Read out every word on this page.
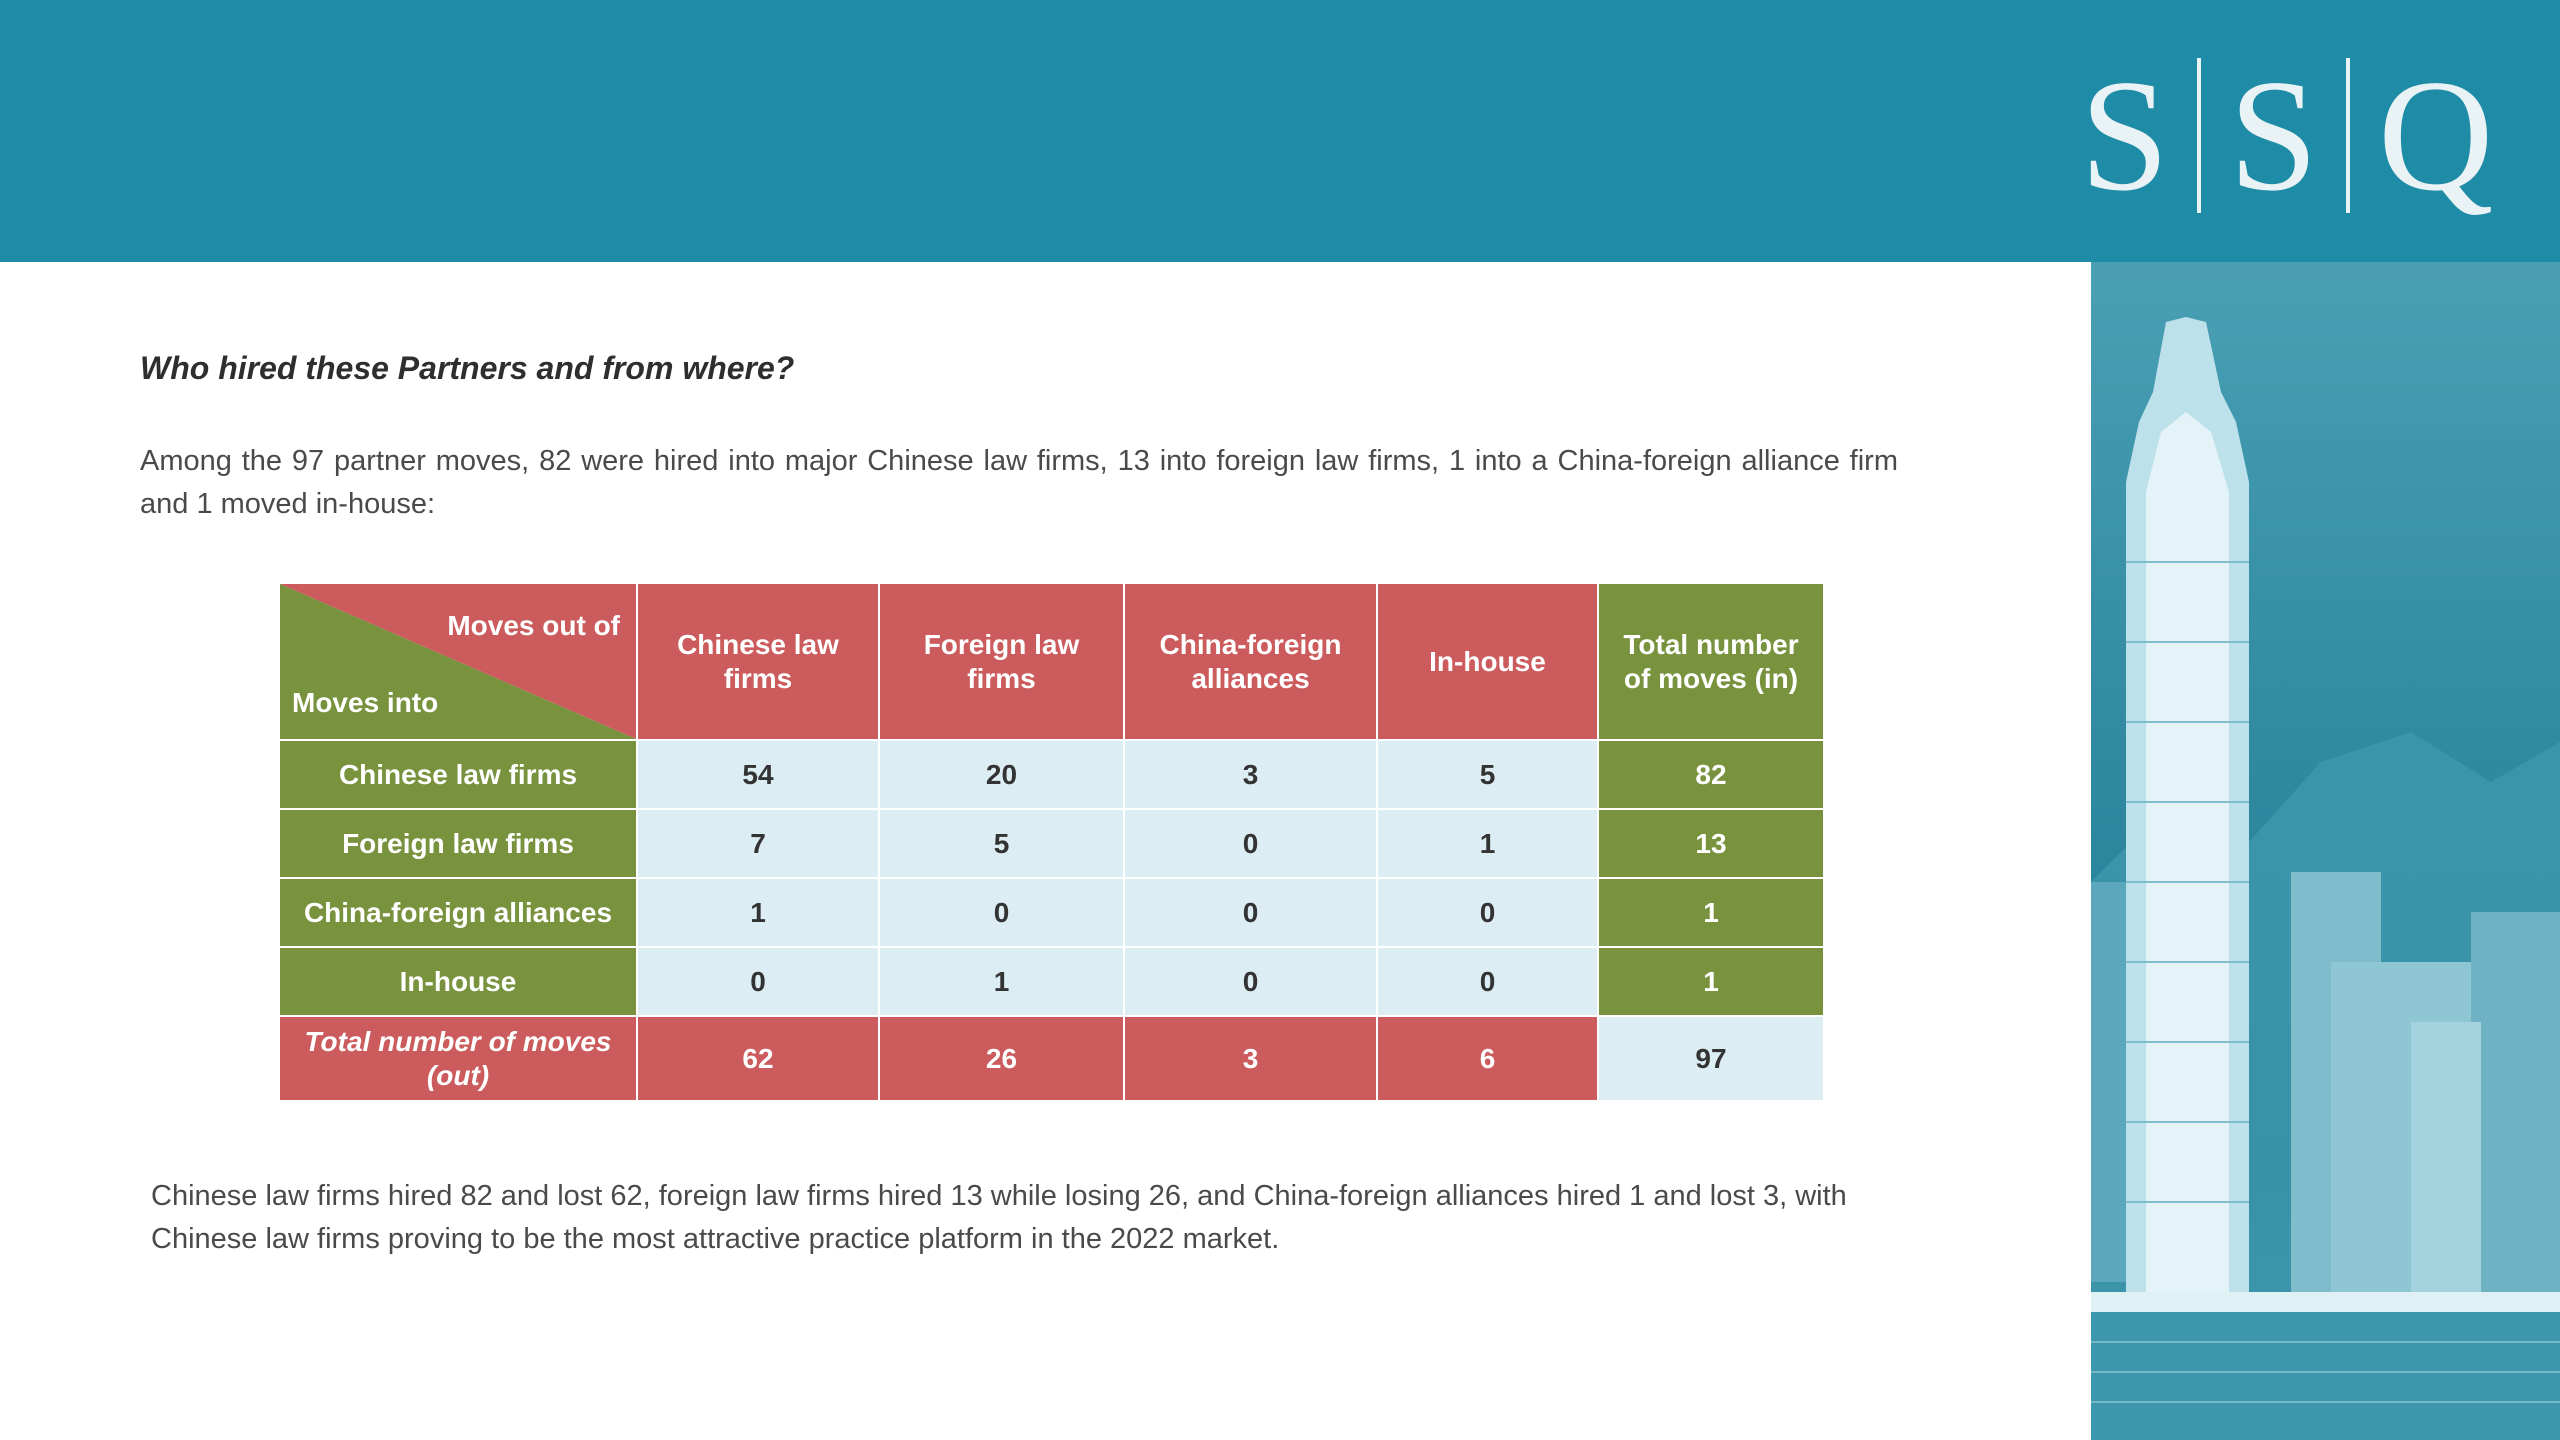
S S Q
Who hired these Partners and from where?
Among the 97 partner moves, 82 were hired into major Chinese law firms, 13 into foreign law firms, 1 into a China-foreign alliance firm and 1 moved in-house:
Moves out of
Moves into	Chinese law firms	Foreign law firms	China-foreign alliances	In-house	Total number of moves (in)
Chinese law firms	54	20	3	5	82
Foreign law firms	7	5	0	1	13
China-foreign alliances	1	0	0	0	1
In-house	0	1	0	0	1
Total number of moves (out)	62	26	3	6	97
Chinese law firms hired 82 and lost 62, foreign law firms hired 13 while losing 26, and China-foreign alliances hired 1 and lost 3, with Chinese law firms proving to be the most attractive practice platform in the 2022 market.
